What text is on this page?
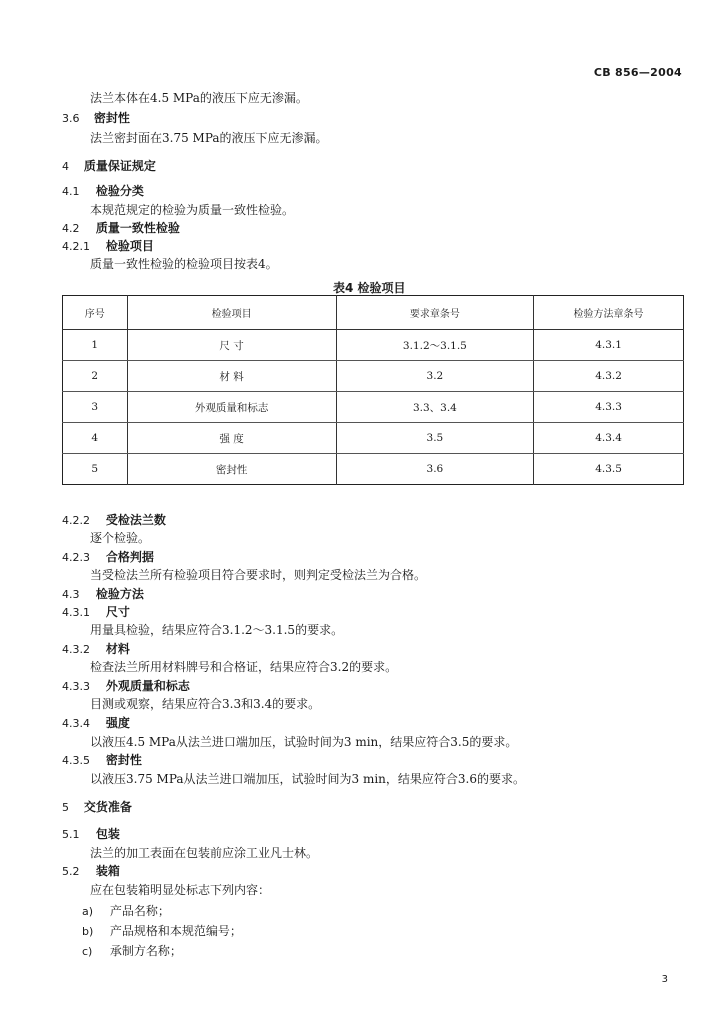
CB 856—2004
法兰本体在4.5 MPa的液压下应无渗漏。
3.6 密封性
法兰密封面在3.75 MPa的液压下应无渗漏。
4 质量保证规定
4.1 检验分类
本规范规定的检验为质量一致性检验。
4.2 质量一致性检验
4.2.1 检验项目
质量一致性检验的检验项目按表4。
表4 检验项目
序号	检验项目	要求章条号	检验方法章条号
1	尺 寸	3.1.2～3.1.5	4.3.1
2	材 料	3.2	4.3.2
3	外观质量和标志	3.3、3.4	4.3.3
4	强 度	3.5	4.3.4
5	密封性	3.6	4.3.5
4.2.2 受检法兰数
逐个检验。
4.2.3 合格判据
当受检法兰所有检验项目符合要求时，则判定受检法兰为合格。
4.3 检验方法
4.3.1 尺寸
用量具检验，结果应符合3.1.2～3.1.5的要求。
4.3.2 材料
检查法兰所用材料牌号和合格证，结果应符合3.2的要求。
4.3.3 外观质量和标志
目测或观察，结果应符合3.3和3.4的要求。
4.3.4 强度
以液压4.5 MPa从法兰进口端加压，试验时间为3 min，结果应符合3.5的要求。
4.3.5 密封性
以液压3.75 MPa从法兰进口端加压，试验时间为3 min，结果应符合3.6的要求。
5 交货准备
5.1 包装
法兰的加工表面在包装前应涂工业凡士林。
5.2 装箱
应在包装箱明显处标志下列内容：
a) 产品名称；
b) 产品规格和本规范编号；
c) 承制方名称；
3
